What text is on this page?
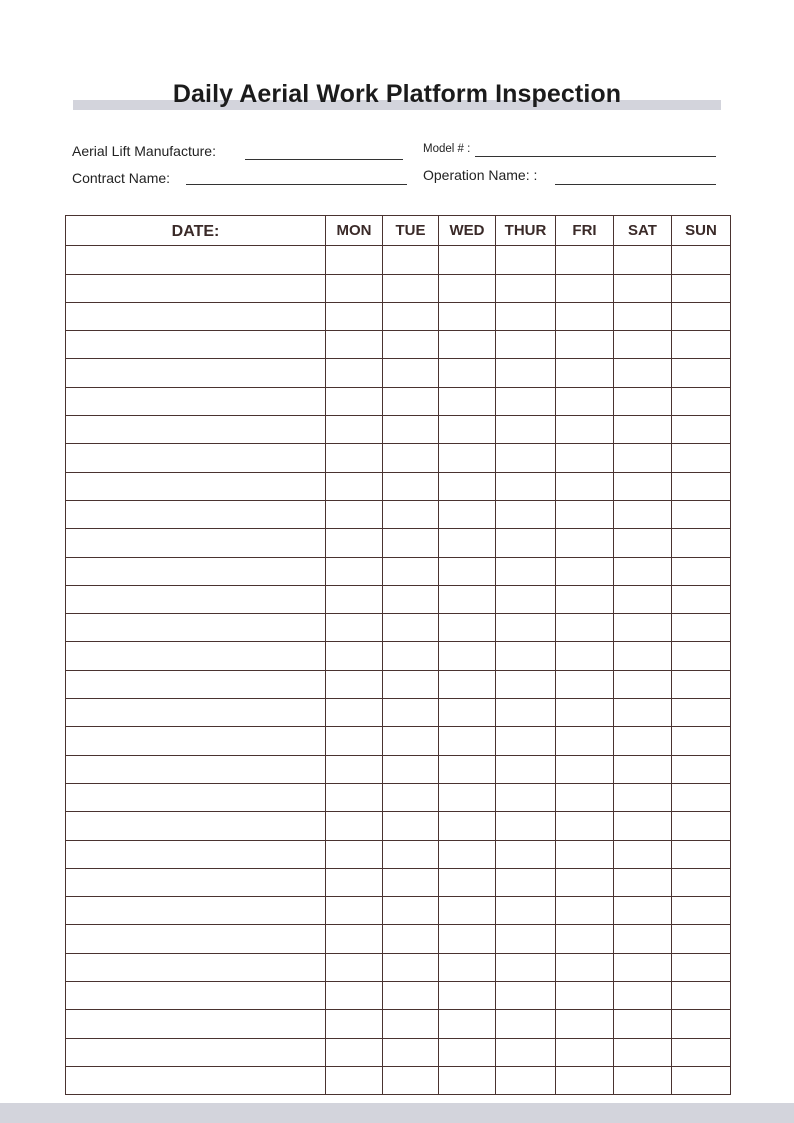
Daily Aerial Work Platform Inspection
Aerial Lift Manufacture:	Model # :
Contract Name:	Operation Name: :
DATE:	MON	TUE	WED	THUR	FRI	SAT	SUN
